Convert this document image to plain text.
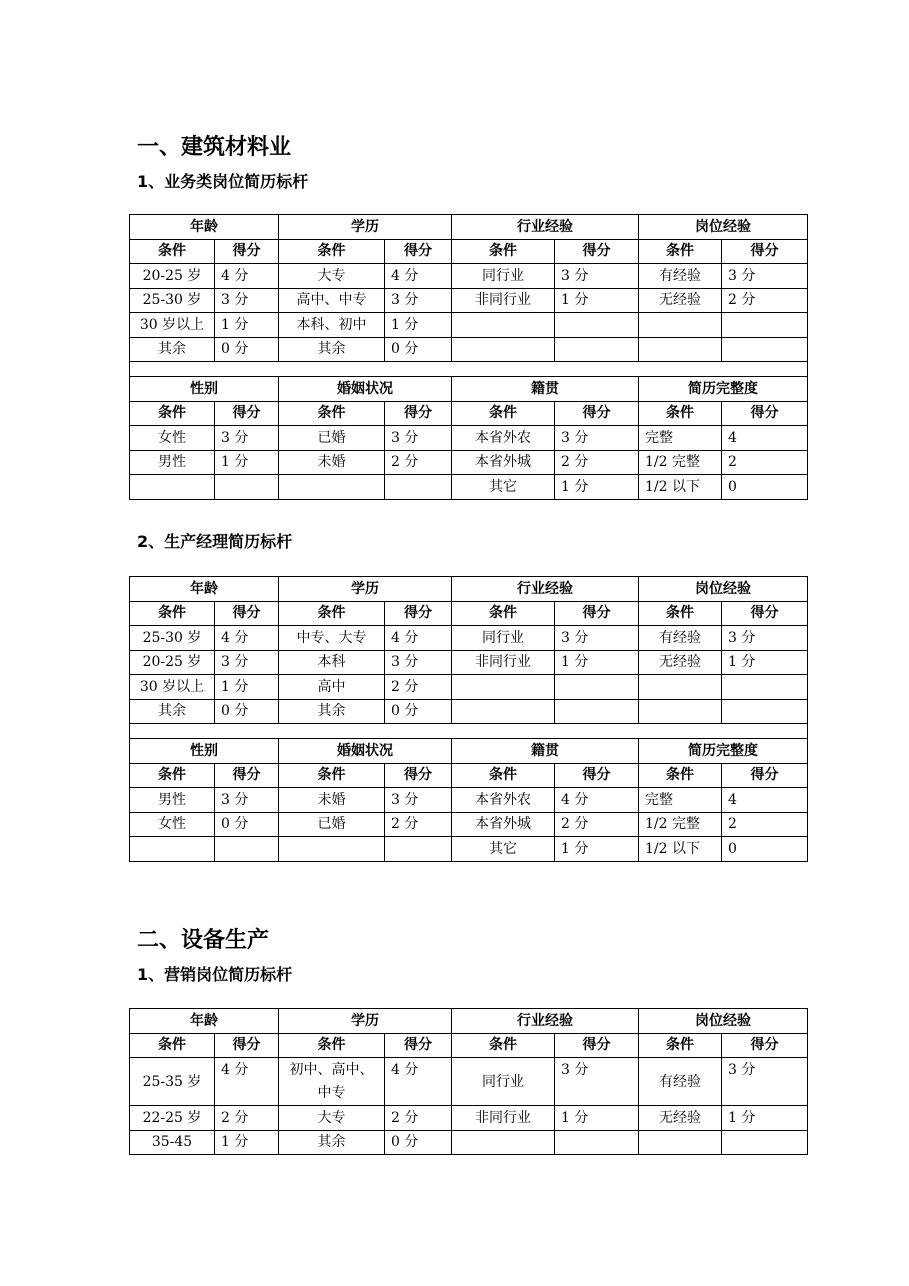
一、建筑材料业
1、业务类岗位简历标杆
年龄		学历		行业经验		岗位经验	
条件	得分	条件	得分	条件	得分	条件	得分
20-25 岁	4 分	大专	4 分	同行业	3 分	有经验	3 分
25-30 岁	3 分	高中、中专	3 分	非同行业	1 分	无经验	2 分
30 岁以上	1 分	本科、初中	1 分				
其余	0 分	其余	0 分				

性别		婚姻状况		籍贯		简历完整度	
条件	得分	条件	得分	条件	得分	条件	得分
女性	3 分	已婚	3 分	本省外农	3 分	完整	4
男性	1 分	未婚	2 分	本省外城	2 分	1/2 完整	2
				其它	1 分	1/2 以下	0
2、生产经理简历标杆
年龄		学历		行业经验		岗位经验	
条件	得分	条件	得分	条件	得分	条件	得分
25-30 岁	4 分	中专、大专	4 分	同行业	3 分	有经验	3 分
20-25 岁	3 分	本科	3 分	非同行业	1 分	无经验	1 分
30 岁以上	1 分	高中	2 分				
其余	0 分	其余	0 分				

性别		婚姻状况		籍贯		简历完整度	
条件	得分	条件	得分	条件	得分	条件	得分
男性	3 分	未婚	3 分	本省外农	4 分	完整	4
女性	0 分	已婚	2 分	本省外城	2 分	1/2 完整	2
				其它	1 分	1/2 以下	0
二、设备生产
1、营销岗位简历标杆
年龄		学历		行业经验		岗位经验	
条件	得分	条件	得分	条件	得分	条件	得分
25-35 岁	4 分	初中、高中、中专	4 分	同行业	3 分	有经验	3 分
22-25 岁	2 分	大专	2 分	非同行业	1 分	无经验	1 分
35-45	1 分	其余	0 分				
